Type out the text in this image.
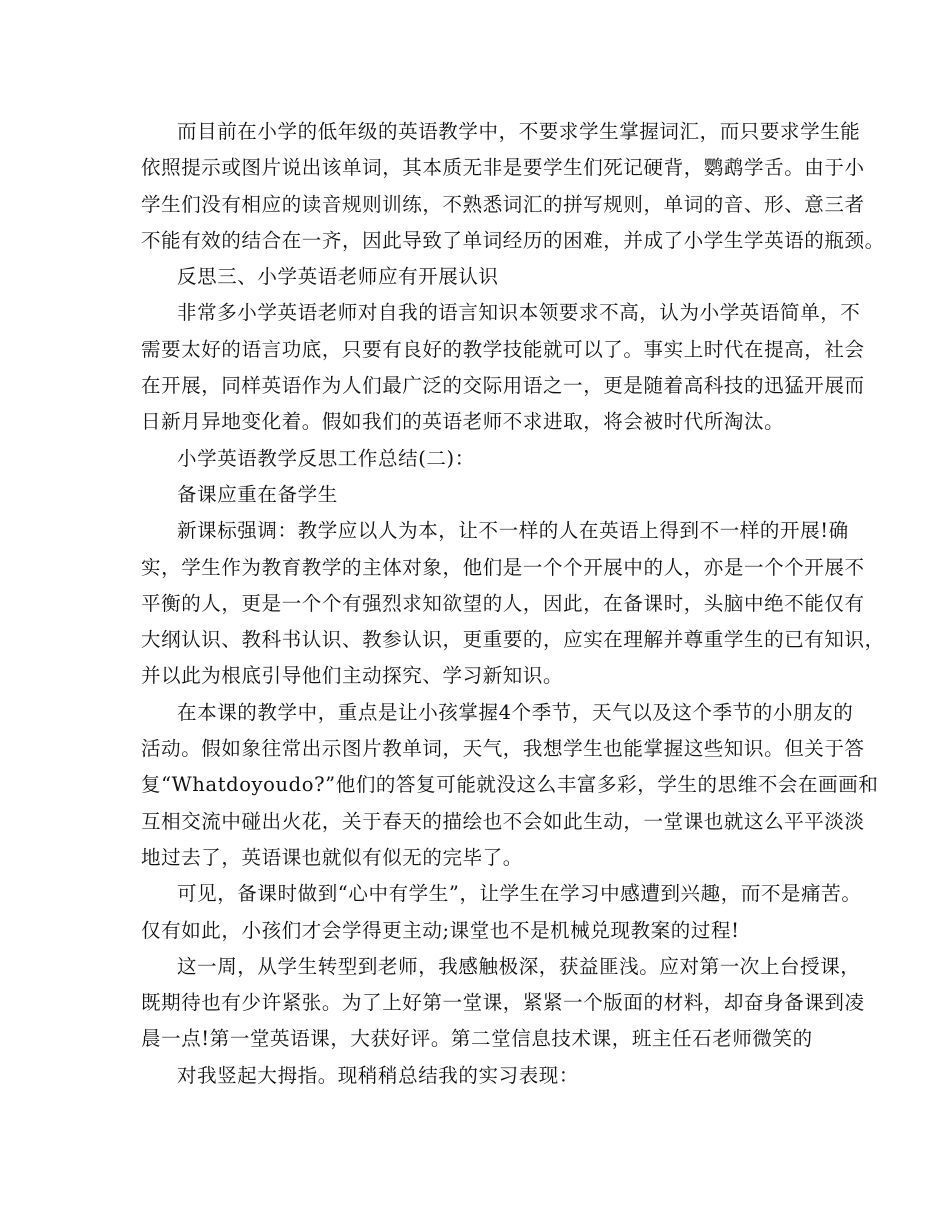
而目前在小学的低年级的英语教学中，不要求学生掌握词汇，而只要求学生能
依照提示或图片说出该单词，其本质无非是要学生们死记硬背，鹦鹉学舌。由于小
学生们没有相应的读音规则训练，不熟悉词汇的拼写规则，单词的音、形、意三者
不能有效的结合在一齐，因此导致了单词经历的困难，并成了小学生学英语的瓶颈。
反思三、小学英语老师应有开展认识
非常多小学英语老师对自我的语言知识本领要求不高，认为小学英语简单，不
需要太好的语言功底，只要有良好的教学技能就可以了。事实上时代在提高，社会
在开展，同样英语作为人们最广泛的交际用语之一，更是随着高科技的迅猛开展而
日新月异地变化着。假如我们的英语老师不求进取，将会被时代所淘汰。
小学英语教学反思工作总结(二)：
备课应重在备学生
新课标强调：教学应以人为本，让不一样的人在英语上得到不一样的开展!确
实，学生作为教育教学的主体对象，他们是一个个开展中的人，亦是一个个开展不
平衡的人，更是一个个有强烈求知欲望的人，因此，在备课时，头脑中绝不能仅有
大纲认识、教科书认识、教参认识，更重要的，应实在理解并尊重学生的已有知识，
并以此为根底引导他们主动探究、学习新知识。
在本课的教学中，重点是让小孩掌握4个季节，天气以及这个季节的小朋友的
活动。假如象往常出示图片教单词，天气，我想学生也能掌握这些知识。但关于答
复“Whatdoyoudo?”他们的答复可能就没这么丰富多彩，学生的思维不会在画画和
互相交流中碰出火花，关于春天的描绘也不会如此生动，一堂课也就这么平平淡淡
地过去了，英语课也就似有似无的完毕了。
可见，备课时做到“心中有学生”，让学生在学习中感遭到兴趣，而不是痛苦。
仅有如此，小孩们才会学得更主动;课堂也不是机械兑现教案的过程!
这一周，从学生转型到老师，我感触极深，获益匪浅。应对第一次上台授课，
既期待也有少许紧张。为了上好第一堂课，紧紧一个版面的材料，却奋身备课到凌
晨一点!第一堂英语课，大获好评。第二堂信息技术课，班主任石老师微笑的
对我竖起大拇指。现稍稍总结我的实习表现：
